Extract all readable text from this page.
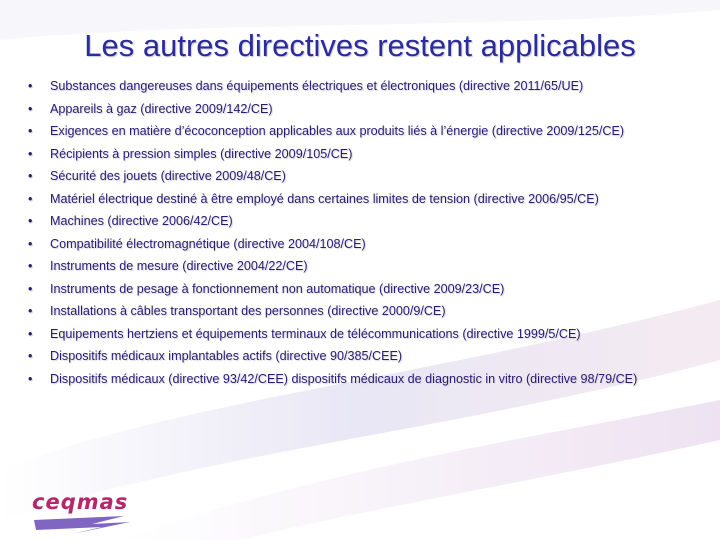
Les autres directives restent applicables
• Substances dangereuses dans équipements électriques et électroniques (directive 2011/65/UE)
• Appareils à gaz (directive 2009/142/CE)
• Exigences en matière d’écoconception applicables aux produits liés à l’énergie (directive 2009/125/CE)
• Récipients à pression simples (directive 2009/105/CE)
• Sécurité des jouets (directive 2009/48/CE)
• Matériel électrique destiné à être employé dans certaines limites de tension (directive 2006/95/CE)
• Machines (directive 2006/42/CE)
• Compatibilité électromagnétique (directive 2004/108/CE)
• Instruments de mesure (directive 2004/22/CE)
• Instruments de pesage à fonctionnement non automatique (directive 2009/23/CE)
• Installations à câbles transportant des personnes (directive 2000/9/CE)
• Equipements hertziens et équipements terminaux de télécommunications (directive 1999/5/CE)
• Dispositifs médicaux implantables actifs (directive 90/385/CEE)
• Dispositifs médicaux (directive 93/42/CEE) dispositifs médicaux de diagnostic in vitro (directive 98/79/CE)
ceqmas
